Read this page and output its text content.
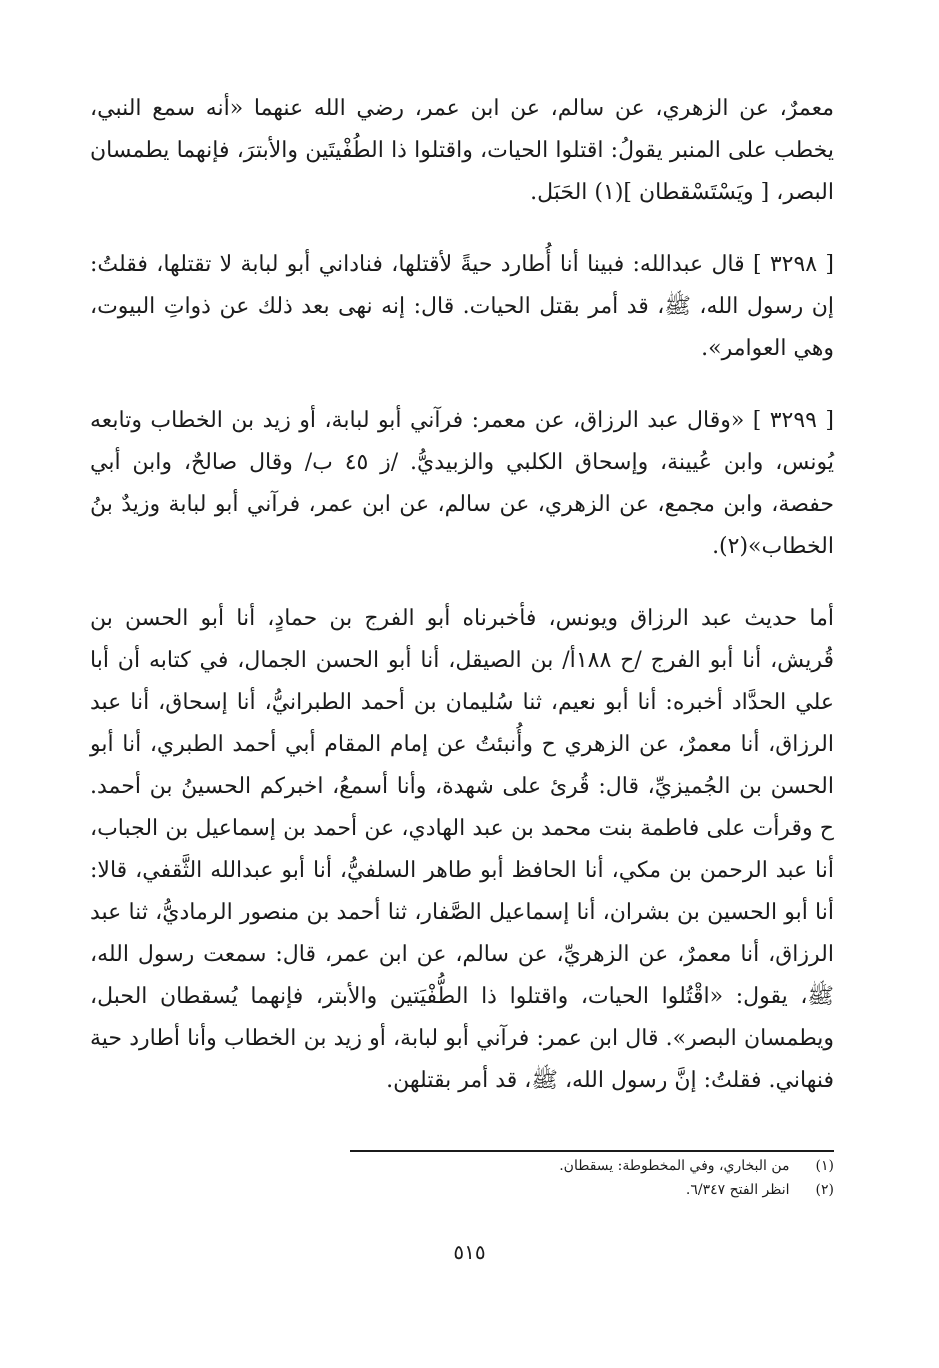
معمرٌ، عن الزهري، عن سالم، عن ابن عمر، رضي الله عنهما «أنه سمع النبي، يخطب على المنبر يقولُ: اقتلوا الحيات، واقتلوا ذا الطُفْيتَين والأبترَ، فإنهما يطمسان البصر، [ ويَسْتَسْقطان ](١) الحَبَل.

[ ٣٢٩٨ ] قال عبدالله: فبينا أنا أُطارد حيةً لأقتلها، فناداني أبو لبابة لا تقتلها، فقلتُ: إن رسول الله، ﷺ، قد أمر بقتل الحيات. قال: إنه نهى بعد ذلك عن ذواتِ البيوت، وهي العوامر».

[ ٣٢٩٩ ] «وقال عبد الرزاق، عن معمر: فرآني أبو لبابة، أو زيد بن الخطاب وتابعه يُونس، وابن عُيينة، وإسحاق الكلبي والزبيديُّ. /ز ٤٥ ب/ وقال صالحٌ، وابن أبي حفصة، وابن مجمع، عن الزهري، عن سالم، عن ابن عمر، فرآني أبو لبابة وزيدٌ بنُ الخطاب»(٢).

أما حديث عبد الرزاق ويونس، فأخبرناه أبو الفرج بن حمادٍ، أنا أبو الحسن بن قُريش، أنا أبو الفرج /ح ١٨٨أ/ بن الصيقل، أنا أبو الحسن الجمال، في كتابه أن أبا علي الحدَّاد أخبره: أنا أبو نعيم، ثنا سُليمان بن أحمد الطبرانيُّ، أنا إسحاق، أنا عبد الرزاق، أنا معمرٌ، عن الزهري ح وأُنبئتُ عن إمام المقام أبي أحمد الطبري، أنا أبو الحسن بن الجُميزيِّ، قال: قُرئ على شهدة، وأنا أسمعُ، اخبركم الحسينُ بن أحمد. ح وقرأت على فاطمة بنت محمد بن عبد الهادي، عن أحمد بن إسماعيل بن الجباب، أنا عبد الرحمن بن مكي، أنا الحافظ أبو طاهر السلفيُّ، أنا أبو عبدالله الثَّقفي، قالا: أنا أبو الحسين بن بشران، أنا إسماعيل الصَّفار، ثنا أحمد بن منصور الرماديُّ، ثنا عبد الرزاق، أنا معمرٌ، عن الزهريِّ، عن سالم، عن ابن عمر، قال: سمعت رسول الله، ﷺ، يقول: «اقْتُلوا الحيات، واقتلوا ذا الطُّفْيَتين والأبتر، فإنهما يُسقطان الحبل، ويطمسان البصر». قال ابن عمر: فرآني أبو لبابة، أو زيد بن الخطاب وأنا أطارد حية فنهاني. فقلتُ: إنَّ رسول الله، ﷺ، قد أمر بقتلهن.

(١) من البخاري، وفي المخطوطة: يسقطان.

(٢) انظر الفتح ٦/٣٤٧.

٥١٥
